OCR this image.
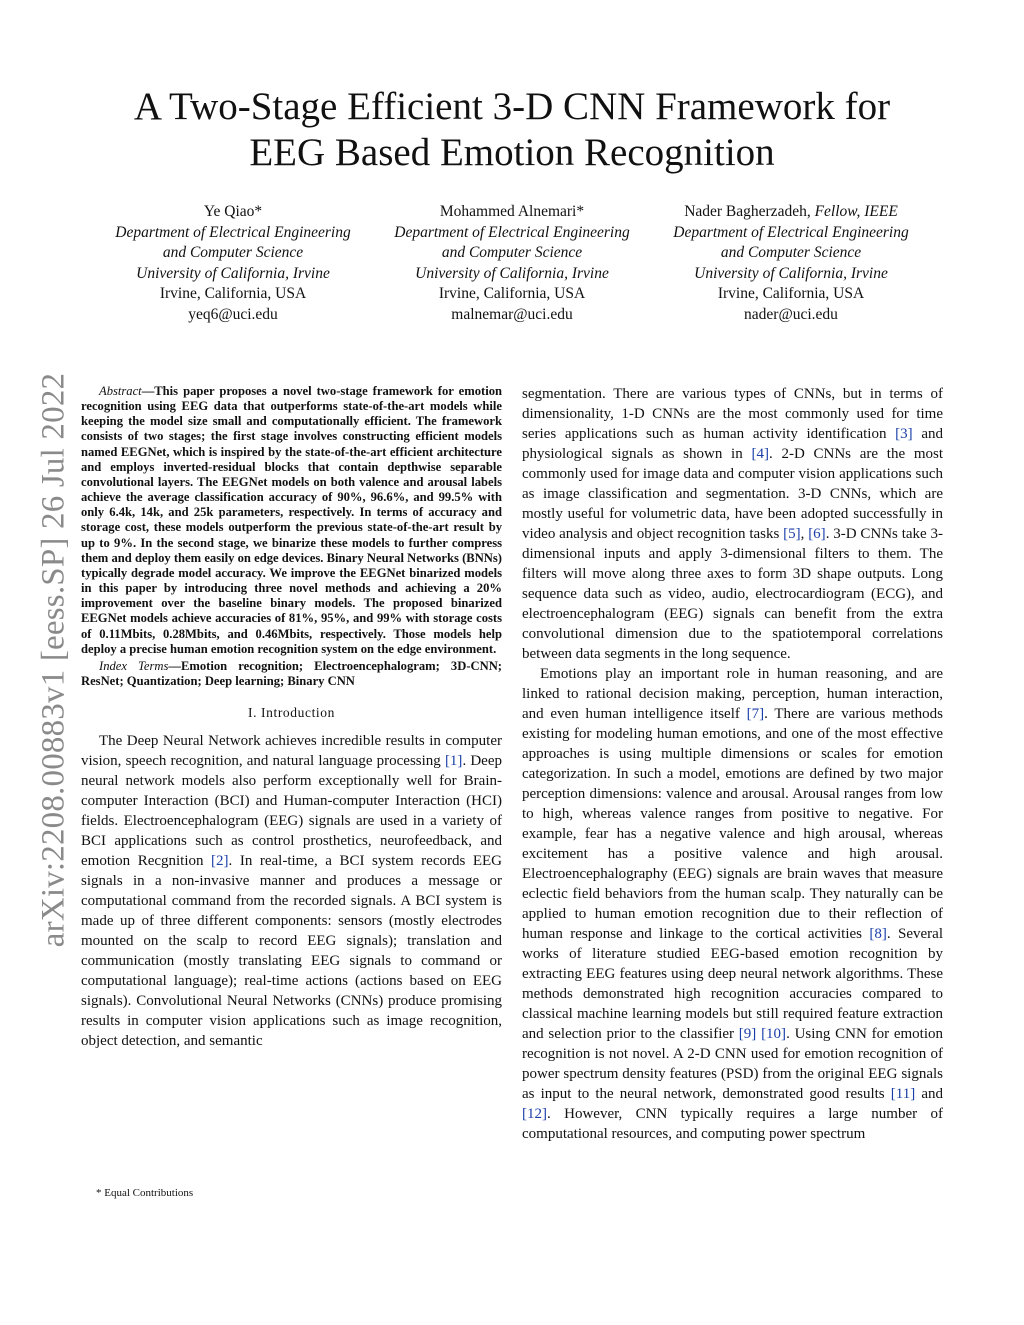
A Two-Stage Efficient 3-D CNN Framework for
EEG Based Emotion Recognition
Ye Qiao*
Department of Electrical Engineering
and Computer Science
University of California, Irvine
Irvine, California, USA
yeq6@uci.edu
Mohammed Alnemari*
Department of Electrical Engineering
and Computer Science
University of California, Irvine
Irvine, California, USA
malnemar@uci.edu
Nader Bagherzadeh, Fellow, IEEE
Department of Electrical Engineering
and Computer Science
University of California, Irvine
Irvine, California, USA
nader@uci.edu
arXiv:2208.00883v1 [eess.SP] 26 Jul 2022	Abstract—This paper proposes a novel two-stage framework for emotion recognition using EEG data that outperforms state-of-the-art models while keeping the model size small and computationally efficient. The framework consists of two stages; the first stage involves constructing efficient models named EEGNet, which is inspired by the state-of-the-art efficient architecture and employs inverted-residual blocks that contain depthwise separable convolutional layers. The EEGNet models on both valence and arousal labels achieve the average classification accuracy of 90%, 96.6%, and 99.5% with only 6.4k, 14k, and 25k parameters, respectively. In terms of accuracy and storage cost, these models outperform the previous state-of-the-art result by up to 9%. In the second stage, we binarize these models to further compress them and deploy them easily on edge devices. Binary Neural Networks (BNNs) typically degrade model accuracy. We improve the EEGNet binarized models in this paper by introducing three novel methods and achieving a 20% improvement over the baseline binary models. The proposed binarized EEGNet models achieve accuracies of 81%, 95%, and 99% with storage costs of 0.11Mbits, 0.28Mbits, and 0.46Mbits, respectively. Those models help deploy a precise human emotion recognition system on the edge environment.

Index Terms—Emotion recognition; Electroencephalogram; 3D-CNN; ResNet; Quantization; Deep learning; Binary CNN

I. Introduction

The Deep Neural Network achieves incredible results in computer vision, speech recognition, and natural language processing [1]. Deep neural network models also perform exceptionally well for Brain-computer Interaction (BCI) and Human-computer Interaction (HCI) fields. Electroencephalogram (EEG) signals are used in a variety of BCI applications such as control prosthetics, neurofeedback, and emotion Recgnition [2]. In real-time, a BCI system records EEG signals in a non-invasive manner and produces a message or computational command from the recorded signals. A BCI system is made up of three different components: sensors (mostly electrodes mounted on the scalp to record EEG signals); translation and communication (mostly translating EEG signals to command or computational language); real-time actions (actions based on EEG signals). Convolutional Neural Networks (CNNs) produce promising results in computer vision applications such as image recognition, object detection, and semantic

segmentation. There are various types of CNNs, but in terms of dimensionality, 1-D CNNs are the most commonly used for time series applications such as human activity identification [3] and physiological signals as shown in [4]. 2-D CNNs are the most commonly used for image data and computer vision applications such as image classification and segmentation. 3-D CNNs, which are mostly useful for volumetric data, have been adopted successfully in video analysis and object recognition tasks [5], [6]. 3-D CNNs take 3-dimensional inputs and apply 3-dimensional filters to them. The filters will move along three axes to form 3D shape outputs. Long sequence data such as video, audio, electrocardiogram (ECG), and electroencephalogram (EEG) signals can benefit from the extra convolutional dimension due to the spatiotemporal correlations between data segments in the long sequence.

Emotions play an important role in human reasoning, and are linked to rational decision making, perception, human interaction, and even human intelligence itself [7]. There are various methods existing for modeling human emotions, and one of the most effective approaches is using multiple dimensions or scales for emotion categorization. In such a model, emotions are defined by two major perception dimensions: valence and arousal. Arousal ranges from low to high, whereas valence ranges from positive to negative. For example, fear has a negative valence and high arousal, whereas excitement has a positive valence and high arousal. Electroencephalography (EEG) signals are brain waves that measure eclectic field behaviors from the human scalp. They naturally can be applied to human emotion recognition due to their reflection of human response and linkage to the cortical activities [8]. Several works of literature studied EEG-based emotion recognition by extracting EEG features using deep neural network algorithms. These methods demonstrated high recognition accuracies compared to classical machine learning models but still required feature extraction and selection prior to the classifier [9] [10]. Using CNN for emotion recognition is not novel. A 2-D CNN used for emotion recognition of power spectrum density features (PSD) from the original EEG signals as input to the neural network, demonstrated good results [11] and [12]. However, CNN typically requires a large number of computational resources, and computing power spectrum

* Equal Contributions
